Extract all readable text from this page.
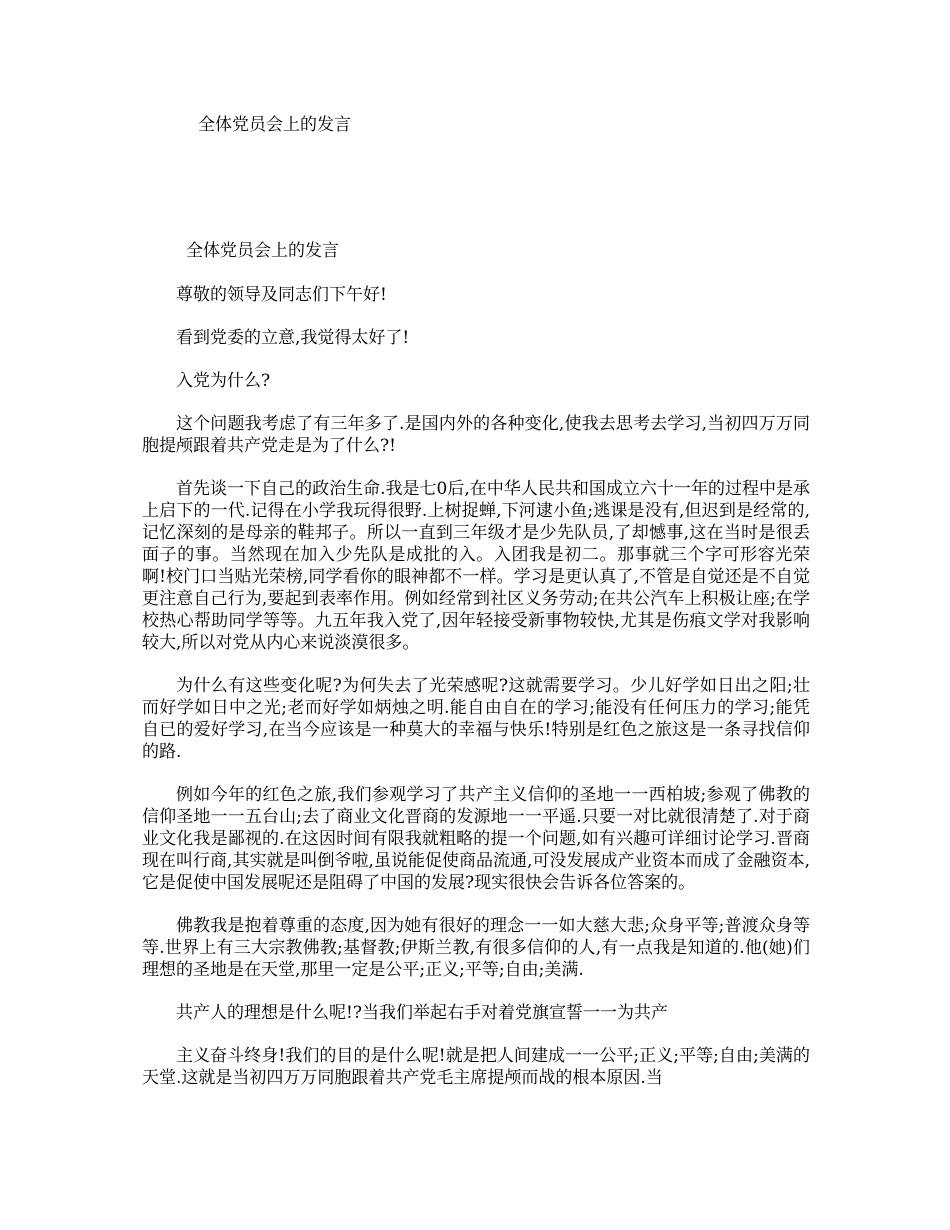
全体党员会上的发言

全体党员会上的发言

尊敬的领导及同志们下午好!

看到党委的立意,我觉得太好了!

入党为什么?

这个问题我考虑了有三年多了.是国内外的各种变化,使我去思考去学习,当初四万万同胞提颅跟着共产党走是为了什么?!

首先谈一下自己的政治生命.我是七0后,在中华人民共和国成立六十一年的过程中是承上启下的一代.记得在小学我玩得很野.上树捉蝉,下河逮小鱼;逃课是没有,但迟到是经常的,记忆深刻的是母亲的鞋邦子。所以一直到三年级才是少先队员,了却憾事,这在当时是很丢面子的事。当然现在加入少先队是成批的入。入团我是初二。那事就三个字可形容光荣啊!校门口当贴光荣榜,同学看你的眼神都不一样。学习是更认真了,不管是自觉还是不自觉更注意自己行为,要起到表率作用。例如经常到社区义务劳动;在共公汽车上积极让座;在学校热心帮助同学等等。九五年我入党了,因年轻接受新事物较快,尤其是伤痕文学对我影响较大,所以对党从内心来说淡漠很多。

为什么有这些变化呢?为何失去了光荣感呢?这就需要学习。少儿好学如日出之阳;壮而好学如日中之光;老而好学如炳烛之明.能自由自在的学习;能没有任何压力的学习;能凭自已的爱好学习,在当今应该是一种莫大的幸福与快乐!特别是红色之旅这是一条寻找信仰的路.

例如今年的红色之旅,我们参观学习了共产主义信仰的圣地一一西柏坡;参观了佛教的信仰圣地一一五台山;去了商业文化晋商的发源地一一平遥.只要一对比就很清楚了.对于商业文化我是鄙视的.在这因时间有限我就粗略的提一个问题,如有兴趣可详细讨论学习.晋商现在叫行商,其实就是叫倒爷啦,虽说能促使商品流通,可没发展成产业资本而成了金融资本,它是促使中国发展呢还是阻碍了中国的发展?现实很快会告诉各位答案的。

佛教我是抱着尊重的态度,因为她有很好的理念一一如大慈大悲;众身平等;普渡众身等等.世界上有三大宗教佛教;基督教;伊斯兰教,有很多信仰的人,有一点我是知道的.他(她)们理想的圣地是在天堂,那里一定是公平;正义;平等;自由;美满.

共产人的理想是什么呢!?当我们举起右手对着党旗宣誓一一为共产

主义奋斗终身!我们的目的是什么呢!就是把人间建成一一公平;正义;平等;自由;美满的天堂.这就是当初四万万同胞跟着共产党毛主席提颅而战的根本原因.当
